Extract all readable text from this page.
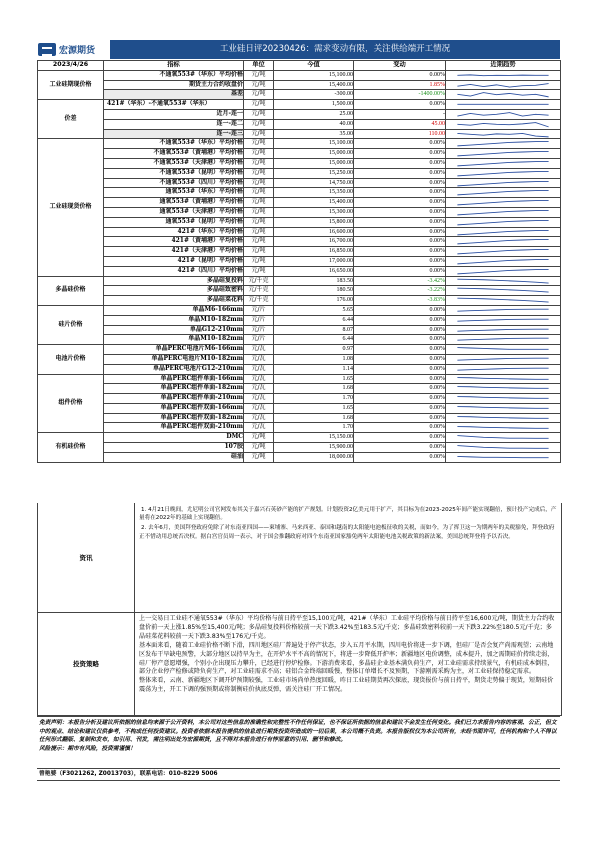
宏源期货	工业硅日评20230426：需求变动有限，关注供给端开工情况
2023/4/26	指标	单位	今值	变动	近期趋势
工业硅期现价格	不通氧553#（华东）平均价格	元/吨	15,100.00	0.00%	

	期货主力合约收盘价	元/吨	15,400.00	1.85%	

	基差	元/吨	-300.00	-1400.00%	

价差	421#（华东）-不通氧553#（华东）	元/吨	1,500.00	0.00%	

	近月-连一	元/吨	25.00	-	

	连一-连二	元/吨	40.00	45.00	

	连一-连三	元/吨	35.00	110.00	

工业硅现货价格	不通氧553#（华东）平均价格	元/吨	15,100.00	0.00%	

	不通氧553#（黄埔港）平均价格	元/吨	15,000.00	0.00%	

	不通氧553#（天津港）平均价格	元/吨	15,000.00	0.00%	

	不通氧553#（昆明）平均价格	元/吨	15,250.00	0.00%	

	不通氧553#（四川）平均价格	元/吨	14,750.00	0.00%	

	通氧553#（华东）平均价格	元/吨	15,350.00	0.00%	

	通氧553#（黄埔港）平均价格	元/吨	15,400.00	0.00%	

	通氧553#（天津港）平均价格	元/吨	15,300.00	0.00%	

	通氧553#（昆明）平均价格	元/吨	15,800.00	0.00%	

	421#（华东）平均价格	元/吨	16,600.00	0.00%	

	421#（黄埔港）平均价格	元/吨	16,700.00	0.00%	

	421#（天津港）平均价格	元/吨	16,850.00	0.00%	

	421#（昆明）平均价格	元/吨	17,000.00	0.00%	

	421#（四川）平均价格	元/吨	16,650.00	0.00%	

多晶硅价格	多晶硅复投料	元/千克	183.50	-3.42%	

	多晶硅致密料	元/千克	180.50	-3.22%	

	多晶硅菜花料	元/千克	176.00	-3.83%	

硅片价格	单晶M6-166mm	元/片	5.65	0.00%	

	单晶M10-182mm	元/片	6.44	0.00%	

	单晶G12-210mm	元/片	8.07	0.00%	

	单晶M10-182mm	元/片	6.44	0.00%	

电池片价格	单晶PERC电池片M6-166mm	元/瓦	0.97	0.00%	

	单晶PERC电池片M10-182mm	元/瓦	1.08	0.00%	

	单晶PERC电池片G12-210mm	元/瓦	1.14	0.00%	

组件价格	单晶PERC组件单面-166mm	元/瓦	1.65	0.00%	

	单晶PERC组件单面-182mm	元/瓦	1.68	0.00%	

	单晶PERC组件单面-210mm	元/瓦	1.70	0.00%	

	单晶PERC组件双面-166mm	元/瓦	1.65	0.00%	

	单晶PERC组件双面-182mm	元/瓦	1.68	0.00%	

	单晶PERC组件双面-210mm	元/瓦	1.70	0.00%	

有机硅价格	DMC	元/吨	15,150.00	0.00%	

	107胶	元/吨	15,900.00	0.00%	

	硅油	元/吨	18,000.00	0.00%	
资讯

1. 4月21日晚间，尤尼明公司官网发布其关于嘉兴石英砂产能的扩产规划。计划投资2亿美元用于扩产，其目标为在2023-2025年间产能实现翻倍，预计投产完成后，产量将在2022年的基础上实现翻倍。

2. 去年6月，美国拜登政府免除了对东南亚四国——柬埔寨、马来西亚、泰国和越南的太阳能电池板征收的关税，而如今，为了挥卫这一为期两年的关税豁免，拜登政府正不惜动用总统否决权。据白宫官员周一表示，对于国会推翻政府对四个东南亚国家豁免两年太阳能电池关税政策的新法案，美国总统拜登将予以否决。

投资策略

上一交易日工业硅不通氧553#（华东）平均价格与前日持平至15,100元/吨，421#（华东）工业硅平均价格与前日持平至16,600元/吨，期货主力合约收盘价前一天上涨1.85%至15,400元/吨；多晶硅复投料价格较前一天下跌3.42%至183.5元/千克；多晶硅致密料较前一天下跌3.22%至180.5元/千克；多晶硅菜花料较前一天下跌3.83%至176元/千克。

基本面来看，随着工业硅价格不断下滑，四川地区硅厂普遍处于停产状态，步入五月平水期，四川电价将进一步下调，但硅厂是否会复产尚需观望；云南地区发布干旱缺电预警，大部分地区以持旱为主，在开炉水平不高的情况下，将进一步降低开炉率；新疆地区电价调整，成本提升，加之需期硅价持续走弱，硅厂停产意愿增强，个别小企出现压力攀升，已经进行停炉检修。下游消费来看，多晶硅企业基本满负荷生产，对工业硅需求持续景气，有机硅成本倒挂，部分企业停产检修或降负荷生产，对工业硅需求不高；硅铝合金终端回暖慢，整体订单增长不及预期，下游刚需采购为主，对工业硅保持稳定需求。

整体来看，云南、新疆地区下调开炉预期较强，工业硅市场尚单热度回暖，昨日工业硅期货再次探底，现货报价与前日持平，期货走势偏于现货，短期硅价震荡为主，开工下调的强预期或将制衡硅价执底反弹，需关注硅厂开工情况。

免责声明：本报告分析及建议所依据的信息均来源于公开资料，本公司对这些信息的准确性和完整性不作任何保证，也不保证所依据的信息和建议不会发生任何变化。我们已力求报告内容的客观、公正，但文中的观点、结论和建议仅供参考，不构成任何投资建议。投资者依据本报告提供的信息进行期货投资所造成的一切后果，本公司概不负责。本报告版权仅为本公司所有，未经书面许可，任何机构和个人不得以任何形式翻版、复制和发布，如引用、刊发，需注明出处为宏源期货，且不得对本报告进行有悖原意的引用、删节和修改。
风险提示：期市有风险，投资需谨慎！

曾艳婆（F3021262, Z0013703），联系电话：010-8229 5006
